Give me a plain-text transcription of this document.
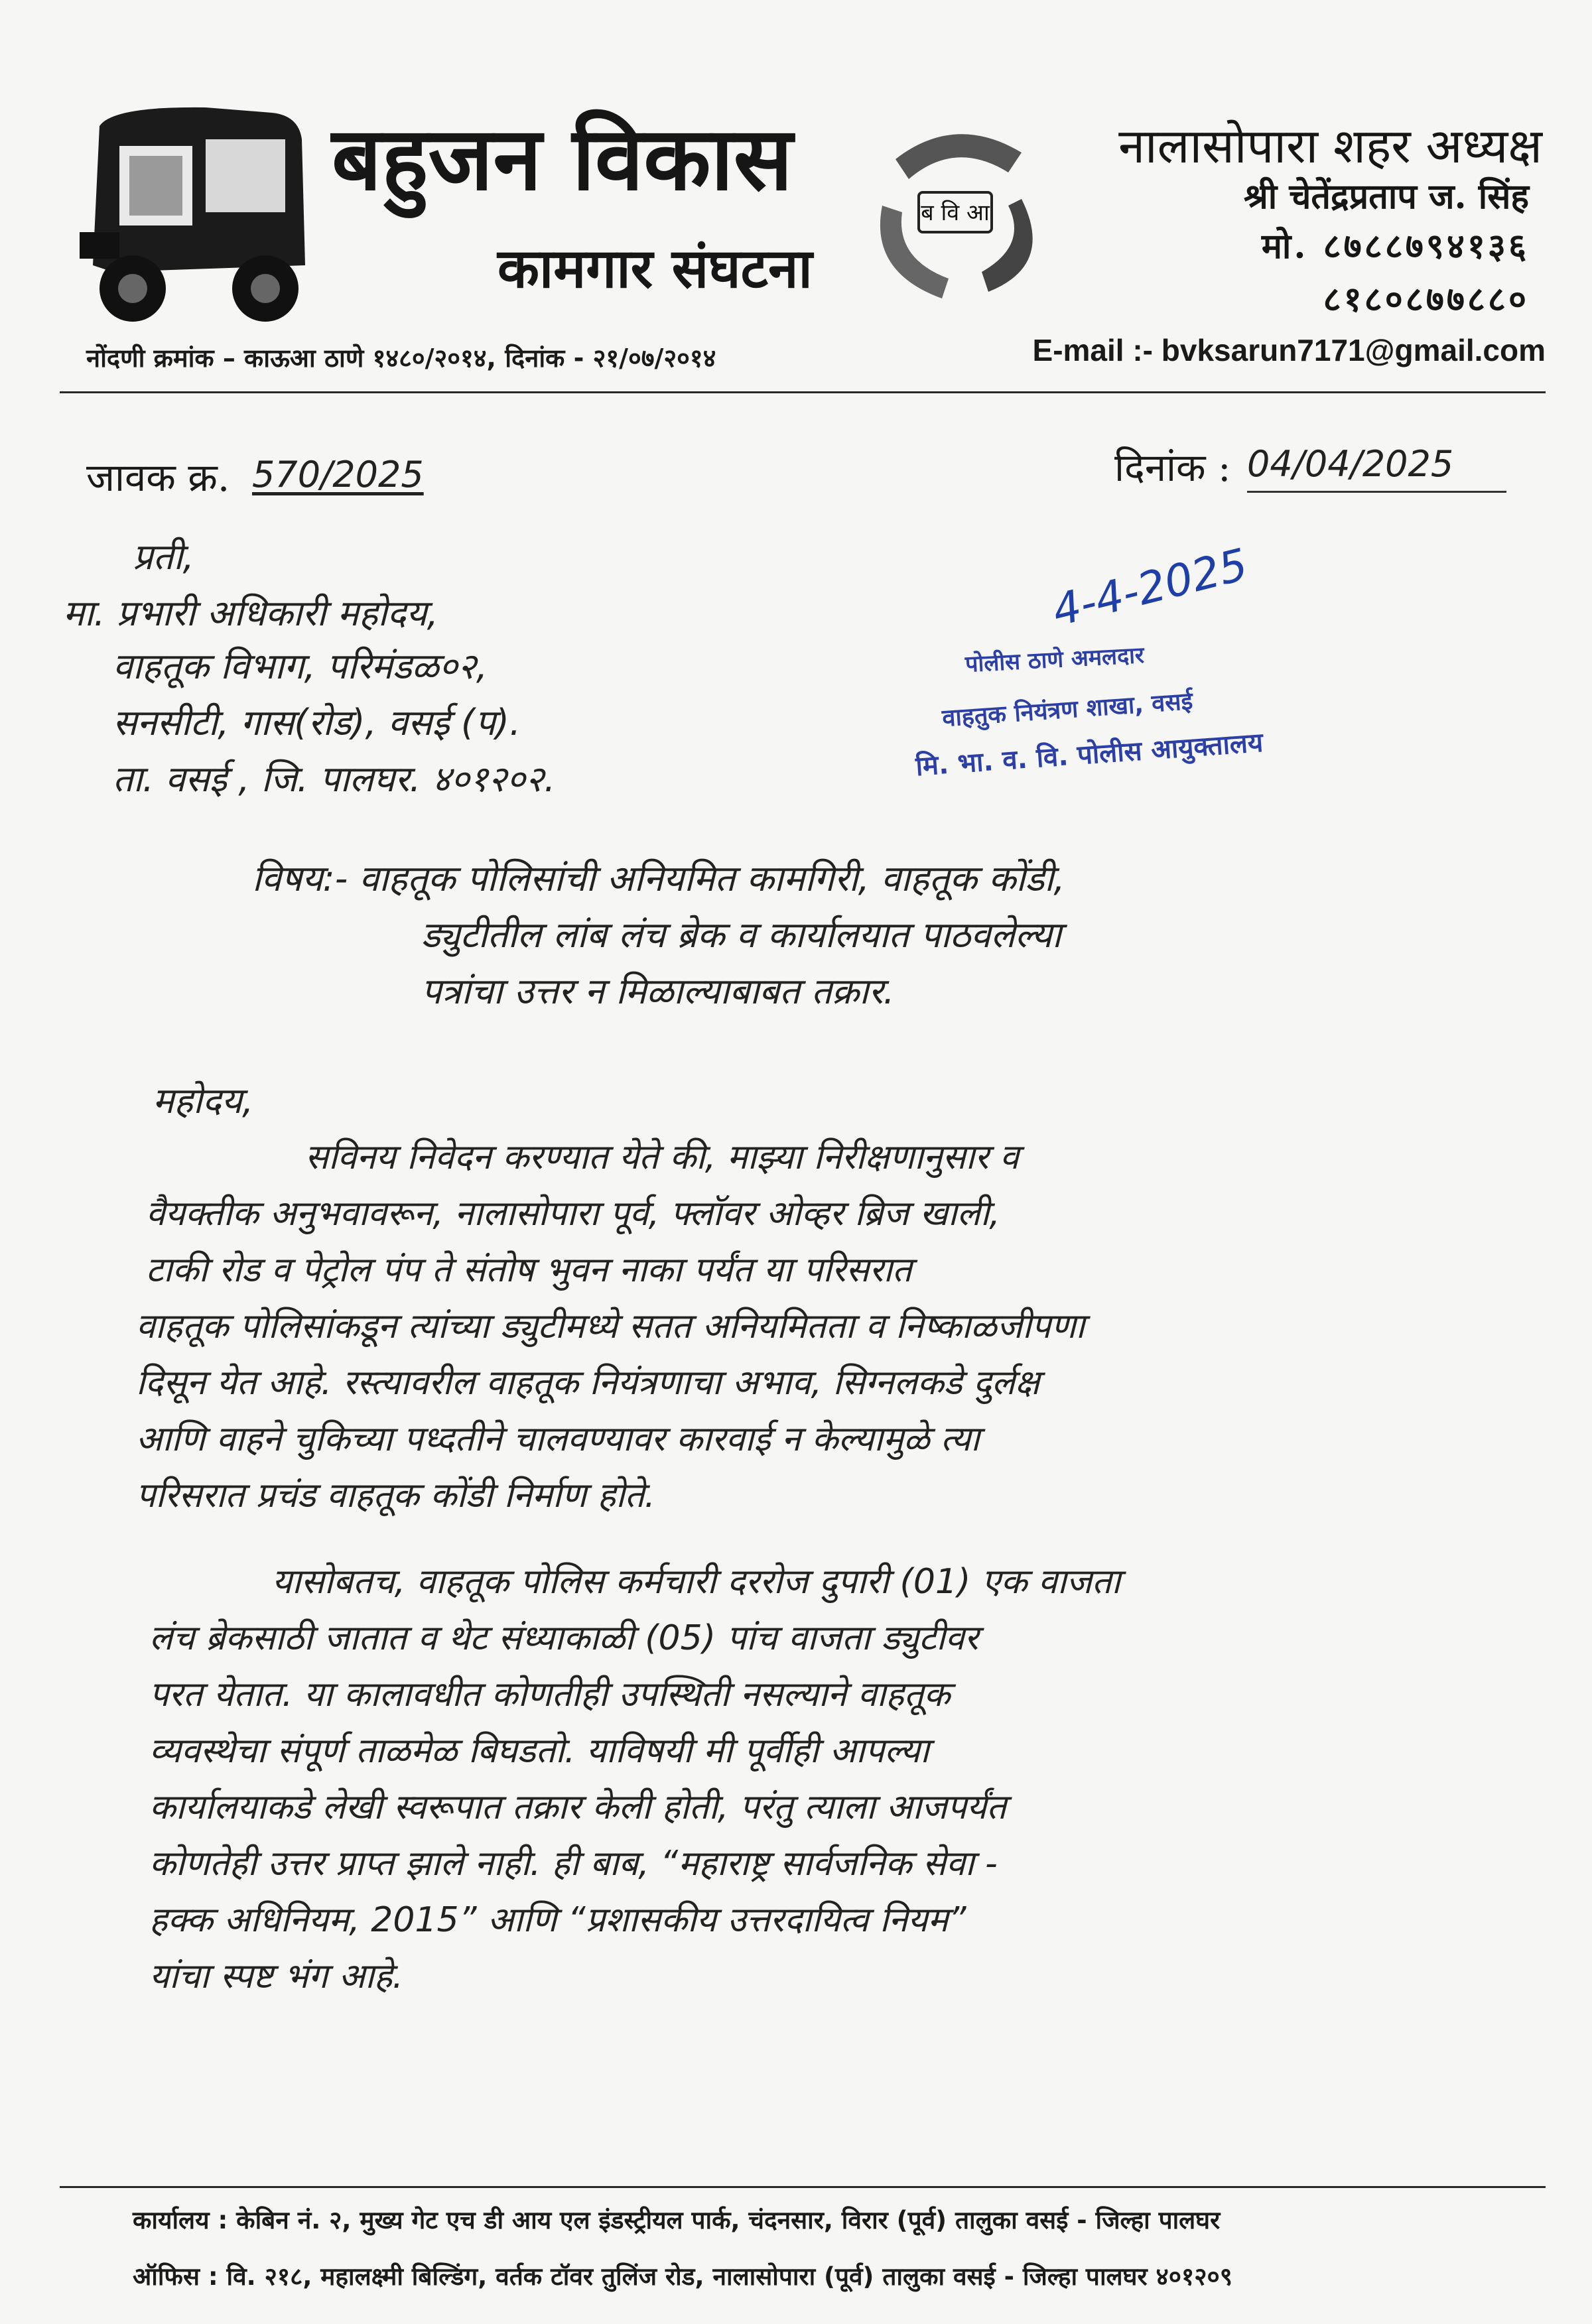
बहुजन विकास
कामगार संघटना
ब वि आ
नालासोपारा शहर अध्यक्ष
श्री चेतेंद्रप्रताप ज. सिंह
मो. ८७८८७९४१३६
८१८०८७७८८०
नोंदणी क्रमांक – काऊआ ठाणे १४८०/२०१४, दिनांक - २१/०७/२०१४	E-mail :- bvksarun7171@gmail.com
जावक क्र. 570/2025	दिनांक : 04/04/2025
प्रती,
मा. प्रभारी अधिकारी महोदय,
वाहतूक विभाग, परिमंडळ०२,
सनसीटी, गास(रोड), वसई (प).
ता. वसई , जि. पालघर. ४०१२०२.
4-4-2025
पोलीस ठाणे अमलदार
वाहतुक नियंत्रण शाखा, वसई
मि. भा. व. वि. पोलीस आयुक्तालय
विषय:- वाहतूक पोलिसांची अनियमित कामगिरी, वाहतूक कोंडी,
ड्युटीतील लांब लंच ब्रेक व कार्यालयात पाठवलेल्या
पत्रांचा उत्तर न मिळाल्याबाबत तक्रार.
महोदय,
सविनय निवेदन करण्यात येते की, माझ्या निरीक्षणानुसार व
वैयक्तीक अनुभवावरून, नालासोपारा पूर्व, फ्लॉवर ओव्हर ब्रिज खाली,
टाकी रोड व पेट्रोल पंप ते संतोष भुवन नाका पर्यंत या परिसरात
वाहतूक पोलिसांकडून त्यांच्या ड्युटीमध्ये सतत अनियमितता व निष्काळजीपणा
दिसून येत आहे. रस्त्यावरील वाहतूक नियंत्रणाचा अभाव, सिग्नलकडे दुर्लक्ष
आणि वाहने चुकिच्या पध्दतीने चालवण्यावर कारवाई न केल्यामुळे त्या
परिसरात प्रचंड वाहतूक कोंडी निर्माण होते.
यासोबतच, वाहतूक पोलिस कर्मचारी दररोज दुपारी (01) एक वाजता
लंच ब्रेकसाठी जातात व थेट संध्याकाळी (05) पांच वाजता ड्युटीवर
परत येतात. या कालावधीत कोणतीही उपस्थिती नसल्याने वाहतूक
व्यवस्थेचा संपूर्ण ताळमेळ बिघडतो. याविषयी मी पूर्वीही आपल्या
कार्यालयाकडे लेखी स्वरूपात तक्रार केली होती, परंतु त्याला आजपर्यंत
कोणतेही उत्तर प्राप्त झाले नाही. ही बाब, “महाराष्ट्र सार्वजनिक सेवा -
हक्क अधिनियम, 2015” आणि “प्रशासकीय उत्तरदायित्व नियम”
यांचा स्पष्ट भंग आहे.
कार्यालय : केबिन नं. २, मुख्य गेट एच डी आय एल इंडस्ट्रीयल पार्क, चंदनसार, विरार (पूर्व) तालुका वसई - जिल्हा पालघर
ऑफिस : वि. २१८, महालक्ष्मी बिल्डिंग, वर्तक टॉवर तुलिंज रोड, नालासोपारा (पूर्व) तालुका वसई - जिल्हा पालघर ४०१२०९
